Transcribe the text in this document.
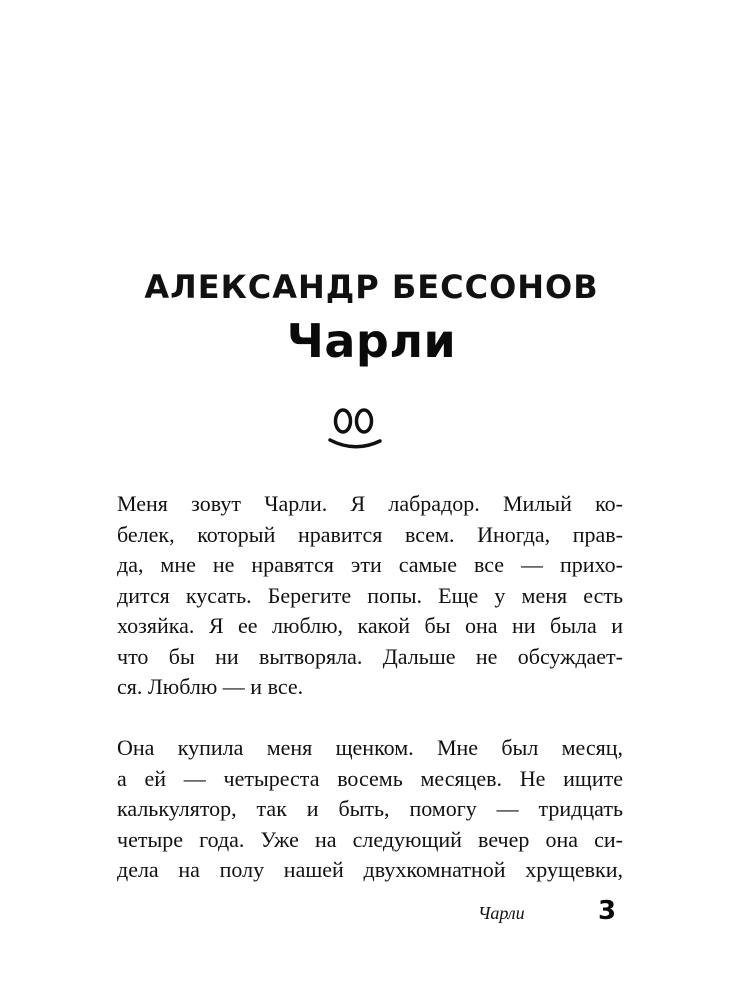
АЛЕКСАНДР БЕССОНОВ
Чарли
Меня зовут Чарли. Я лабрадор. Милый ко-
белек, который нравится всем. Иногда, прав-
да, мне не нравятся эти самые все — прихо-
дится кусать. Берегите попы. Еще у меня есть
хозяйка. Я ее люблю, какой бы она ни была и
что бы ни вытворяла. Дальше не обсуждает-
ся. Люблю — и все.
Она купила меня щенком. Мне был месяц,
а ей — четыреста восемь месяцев. Не ищите
калькулятор, так и быть, помогу — тридцать
четыре года. Уже на следующий вечер она си-
дела на полу нашей двухкомнатной хрущевки,
Чарли	3
